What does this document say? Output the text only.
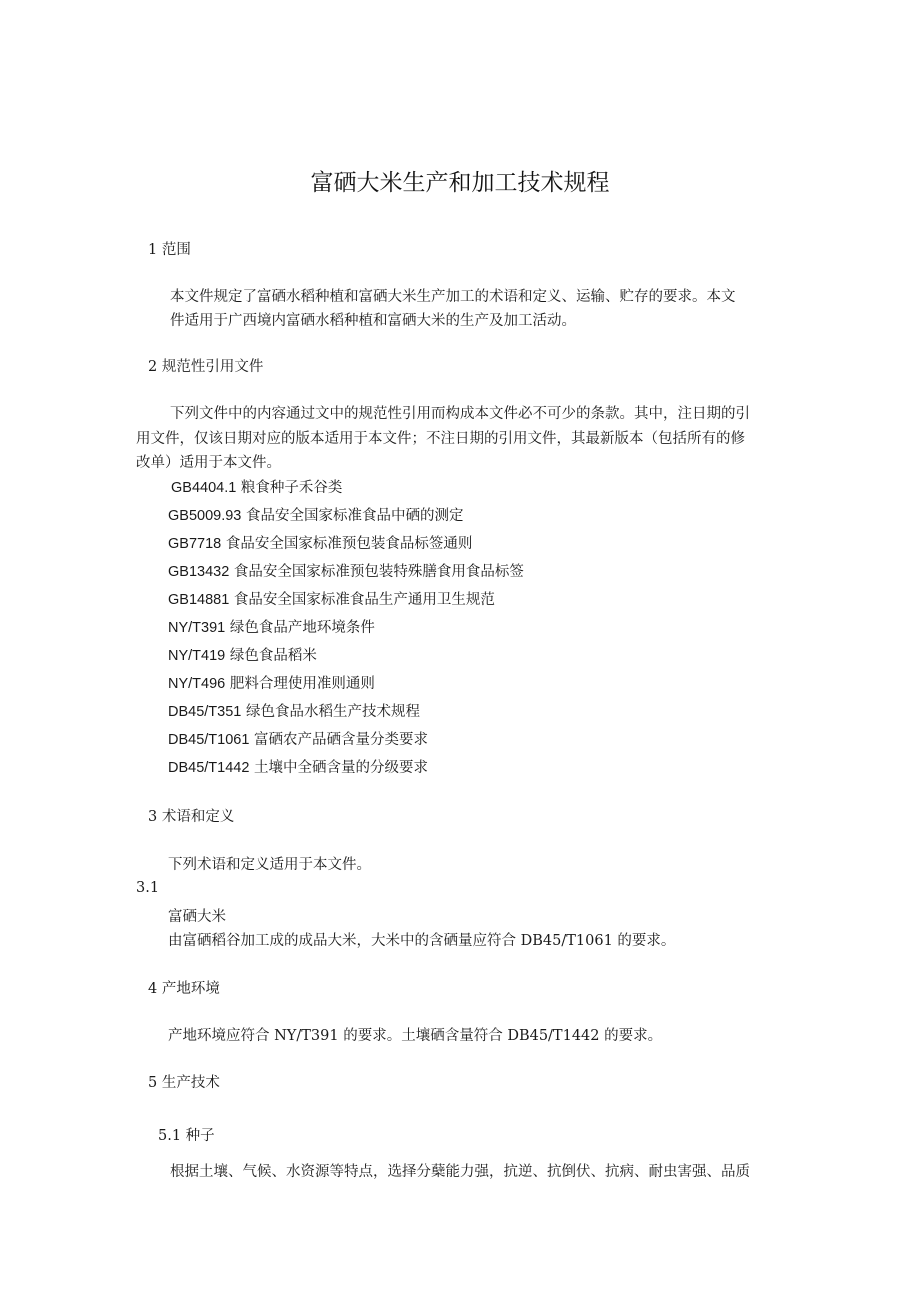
富硒大米生产和加工技术规程
1 范围
本文件规定了富硒水稻种植和富硒大米生产加工的术语和定义、运输、贮存的要求。本文
件适用于广西境内富硒水稻种植和富硒大米的生产及加工活动。
2 规范性引用文件
下列文件中的内容通过文中的规范性引用而构成本文件必不可少的条款。其中，注日期的引
用文件，仅该日期对应的版本适用于本文件；不注日期的引用文件，其最新版本（包括所有的修
改单）适用于本文件。
GB4404.1 粮食种子禾谷类
GB5009.93 食品安全国家标准食品中硒的测定
GB7718 食品安全国家标准预包装食品标签通则
GB13432 食品安全国家标准预包装特殊膳食用食品标签
GB14881 食品安全国家标准食品生产通用卫生规范
NY/T391 绿色食品产地环境条件
NY/T419 绿色食品稻米
NY/T496 肥料合理使用准则通则
DB45/T351 绿色食品水稻生产技术规程
DB45/T1061 富硒农产品硒含量分类要求
DB45/T1442 土壤中全硒含量的分级要求
3 术语和定义
下列术语和定义适用于本文件。
3.1
富硒大米
由富硒稻谷加工成的成品大米，大米中的含硒量应符合 DB45/T1061 的要求。
4 产地环境
产地环境应符合 NY/T391 的要求。土壤硒含量符合 DB45/T1442 的要求。
5 生产技术
5.1 种子
根据土壤、气候、水资源等特点，选择分蘖能力强，抗逆、抗倒伏、抗病、耐虫害强、品质
